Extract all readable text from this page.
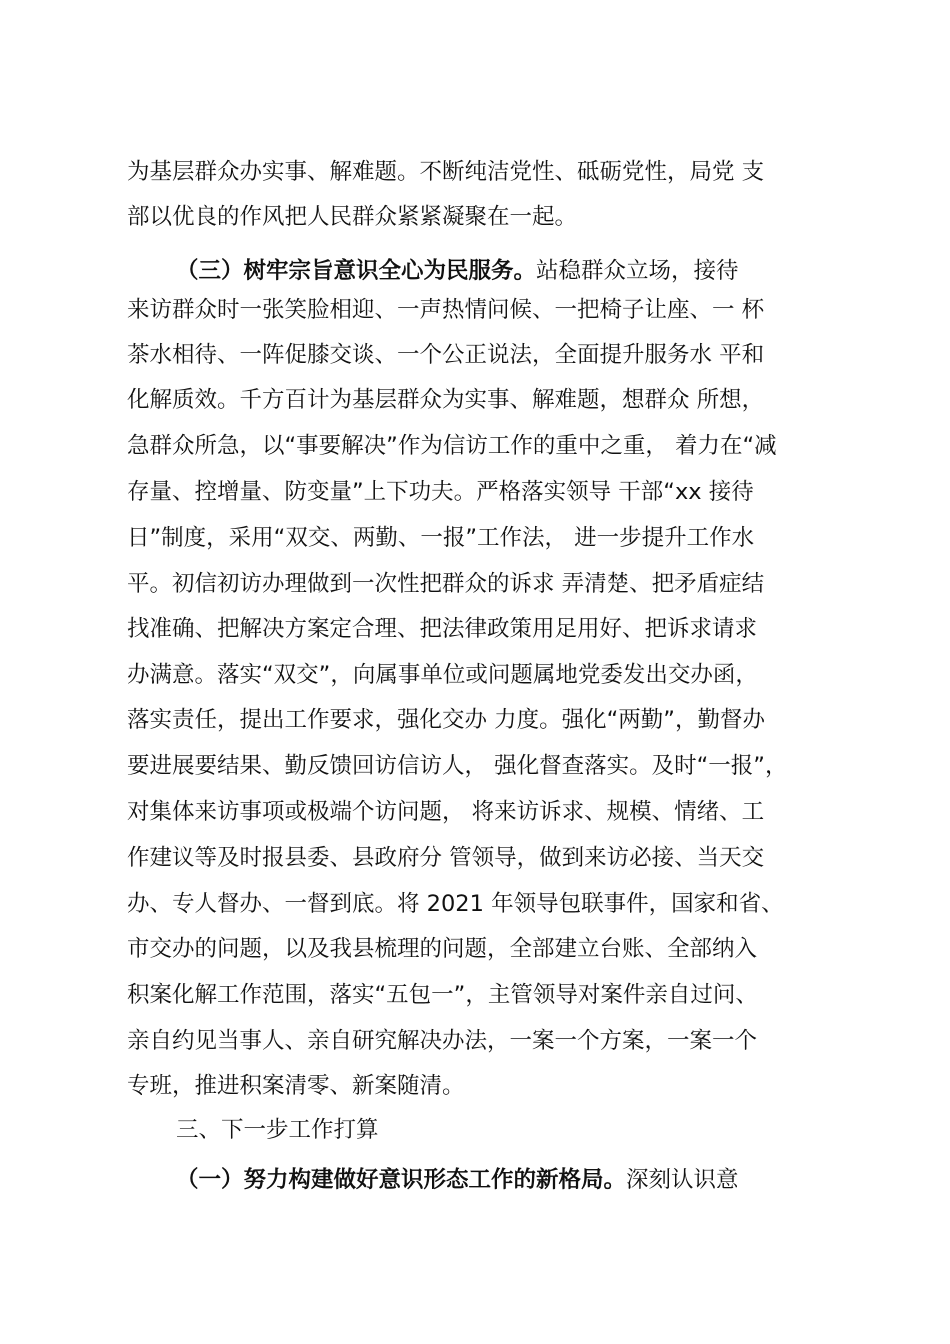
为基层群众办实事、解难题。不断纯洁党性、砥砺党性，局党 支
部以优良的作风把人民群众紧紧凝聚在一起。
（三）树牢宗旨意识全心为民服务。站稳群众立场，接待
来访群众时一张笑脸相迎、一声热情问候、一把椅子让座、一 杯
茶水相待、一阵促膝交谈、一个公正说法，全面提升服务水 平和
化解质效。千方百计为基层群众为实事、解难题，想群众 所想，
急群众所急，以“事要解决”作为信访工作的重中之重， 着力在“减
存量、控增量、防变量”上下功夫。严格落实领导 干部“xx 接待
日”制度，采用“双交、两勤、一报”工作法， 进一步提升工作水
平。初信初访办理做到一次性把群众的诉求 弄清楚、把矛盾症结
找准确、把解决方案定合理、把法律政策用足用好、把诉求请求
办满意。落实“双交”，向属事单位或问题属地党委发出交办函，
落实责任，提出工作要求，强化交办 力度。强化“两勤”，勤督办
要进展要结果、勤反馈回访信访人， 强化督查落实。及时“一报”，
对集体来访事项或极端个访问题， 将来访诉求、规模、情绪、工
作建议等及时报县委、县政府分 管领导，做到来访必接、当天交
办、专人督办、一督到底。将 2021 年领导包联事件，国家和省、
市交办的问题，以及我县梳理的问题，全部建立台账、全部纳入
积案化解工作范围，落实“五包一”，主管领导对案件亲自过问、
亲自约见当事人、亲自研究解决办法，一案一个方案，一案一个
专班，推进积案清零、新案随清。
三、下一步工作打算
（一）努力构建做好意识形态工作的新格局。深刻认识意
